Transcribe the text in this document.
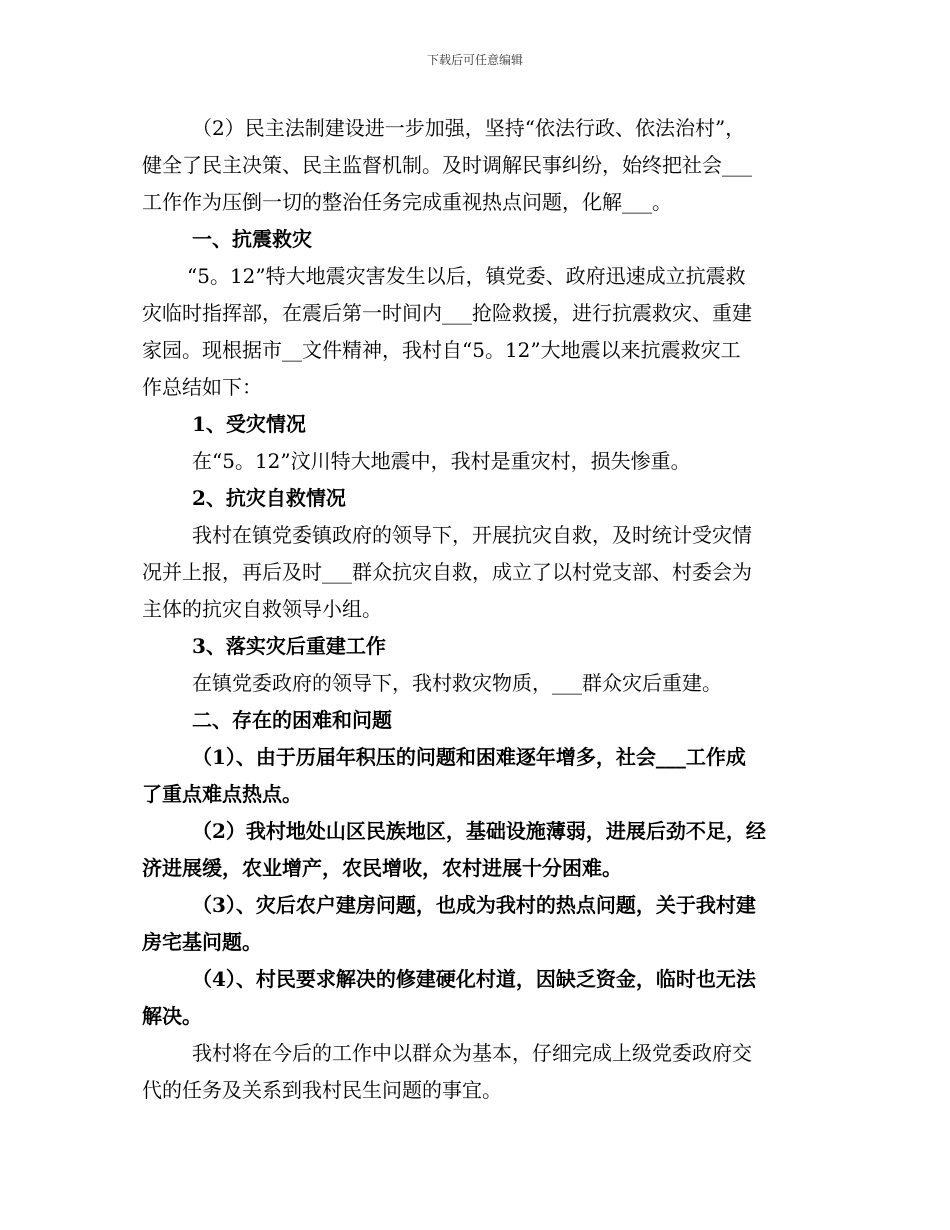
下载后可任意编辑

（2）民主法制建设进一步加强，坚持“依法行政、依法治村”，

健全了民主决策、民主监督机制。及时调解民事纠纷，始终把社会___

工作作为压倒一切的整治任务完成重视热点问题，化解___。

一、抗震救灾

“5。12”特大地震灾害发生以后，镇党委、政府迅速成立抗震救

灾临时指挥部，在震后第一时间内___抢险救援，进行抗震救灾、重建

家园。现根据市__文件精神，我村自“5。12”大地震以来抗震救灾工

作总结如下：

1、受灾情况

在“5。12”汶川特大地震中，我村是重灾村，损失惨重。

2、抗灾自救情况

我村在镇党委镇政府的领导下，开展抗灾自救，及时统计受灾情

况并上报，再后及时___群众抗灾自救，成立了以村党支部、村委会为

主体的抗灾自救领导小组。

3、落实灾后重建工作

在镇党委政府的领导下，我村救灾物质，___群众灾后重建。

二、存在的困难和问题

（1）、由于历届年积压的问题和困难逐年增多，社会___工作成

了重点难点热点。

（2）我村地处山区民族地区，基础设施薄弱，进展后劲不足，经

济进展缓，农业增产，农民增收，农村进展十分困难。

（3）、灾后农户建房问题，也成为我村的热点问题，关于我村建

房宅基问题。

（4）、村民要求解决的修建硬化村道，因缺乏资金，临时也无法

解决。

我村将在今后的工作中以群众为基本，仔细完成上级党委政府交

代的任务及关系到我村民生问题的事宜。
